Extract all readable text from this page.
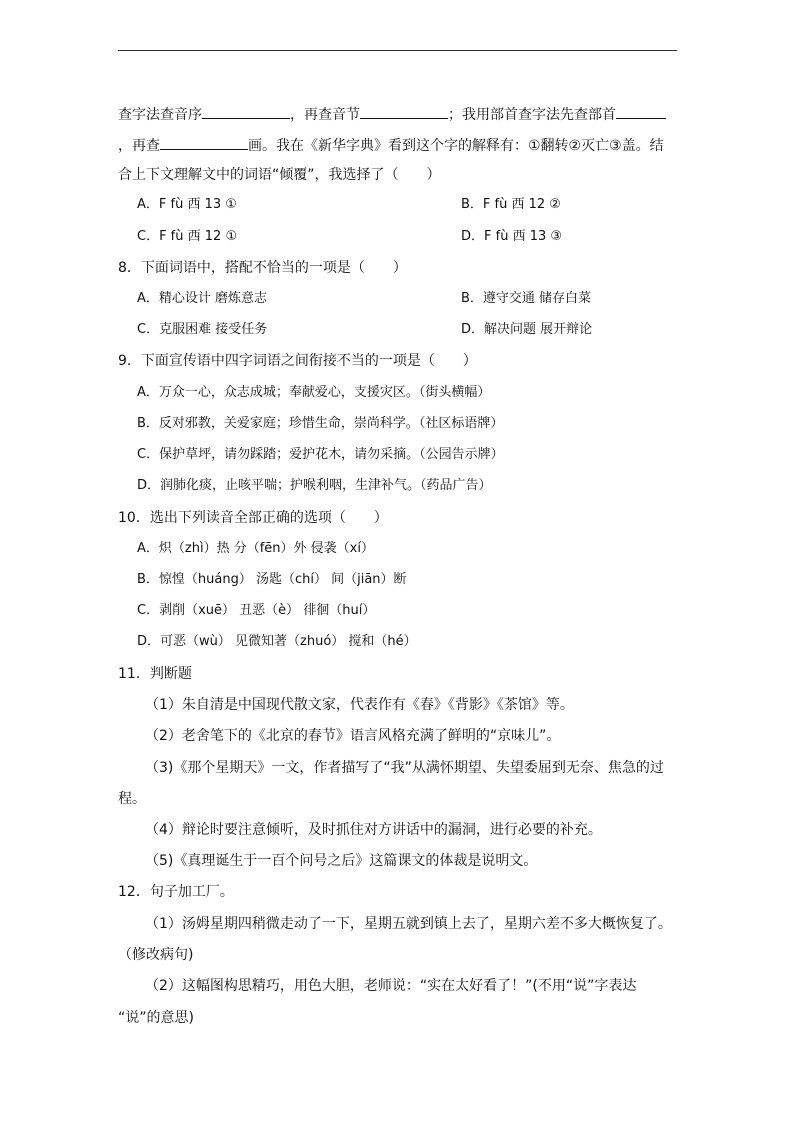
查字法查音序	，再查音节	；我用部首查字法先查部首
，再查	画。我在《新华字典》看到这个字的解释有：①翻转②灭亡③盖。结
合上下文理解文中的词语“倾覆”，我选择了（　　）
A．F fù 西 13 ①	B．F fù 西 12 ②
C．F fù 西 12 ①	D．F fù 西 13 ③
8．下面词语中，搭配不恰当的一项是（　　）
A．精心设计 磨炼意志	B．遵守交通 储存白菜
C．克服困难 接受任务	D．解决问题 展开辩论
9．下面宣传语中四字词语之间衔接不当的一项是（　　）
A．万众一心，众志成城；奉献爱心，支援灾区。（街头横幅）
B．反对邪教，关爱家庭；珍惜生命，崇尚科学。（社区标语牌）
C．保护草坪，请勿踩踏；爱护花木，请勿采摘。（公园告示牌）
D．润肺化痰，止咳平喘；护喉利咽，生津补气。（药品广告）
10．选出下列读音全部正确的选项（　　）
A．炽（zhì）热 分（fēn）外 侵袭（xí）
B．惊惶（huáng） 汤匙（chí） 间（jiān）断
C．剥削（xuē） 丑恶（è） 徘徊（huí）
D．可恶（wù） 见微知著（zhuó） 搅和（hé）
11．判断题
（1）朱自清是中国现代散文家，代表作有《春》《背影》《茶馆》等。
（2）老舍笔下的《北京的春节》语言风格充满了鲜明的“京味儿”。
（3)《那个星期天》一文，作者描写了“我”从满怀期望、失望委屈到无奈、焦急的过
程。
（4）辩论时要注意倾听，及时抓住对方讲话中的漏洞，进行必要的补充。
（5)《真理诞生于一百个问号之后》这篇课文的体裁是说明文。
12．句子加工厂。
（1）汤姆星期四稍微走动了一下，星期五就到镇上去了，星期六差不多大概恢复了。
（修改病句)
（2）这幅图构思精巧，用色大胆，老师说：“实在太好看了！”(不用“说”字表达
“说”的意思)
